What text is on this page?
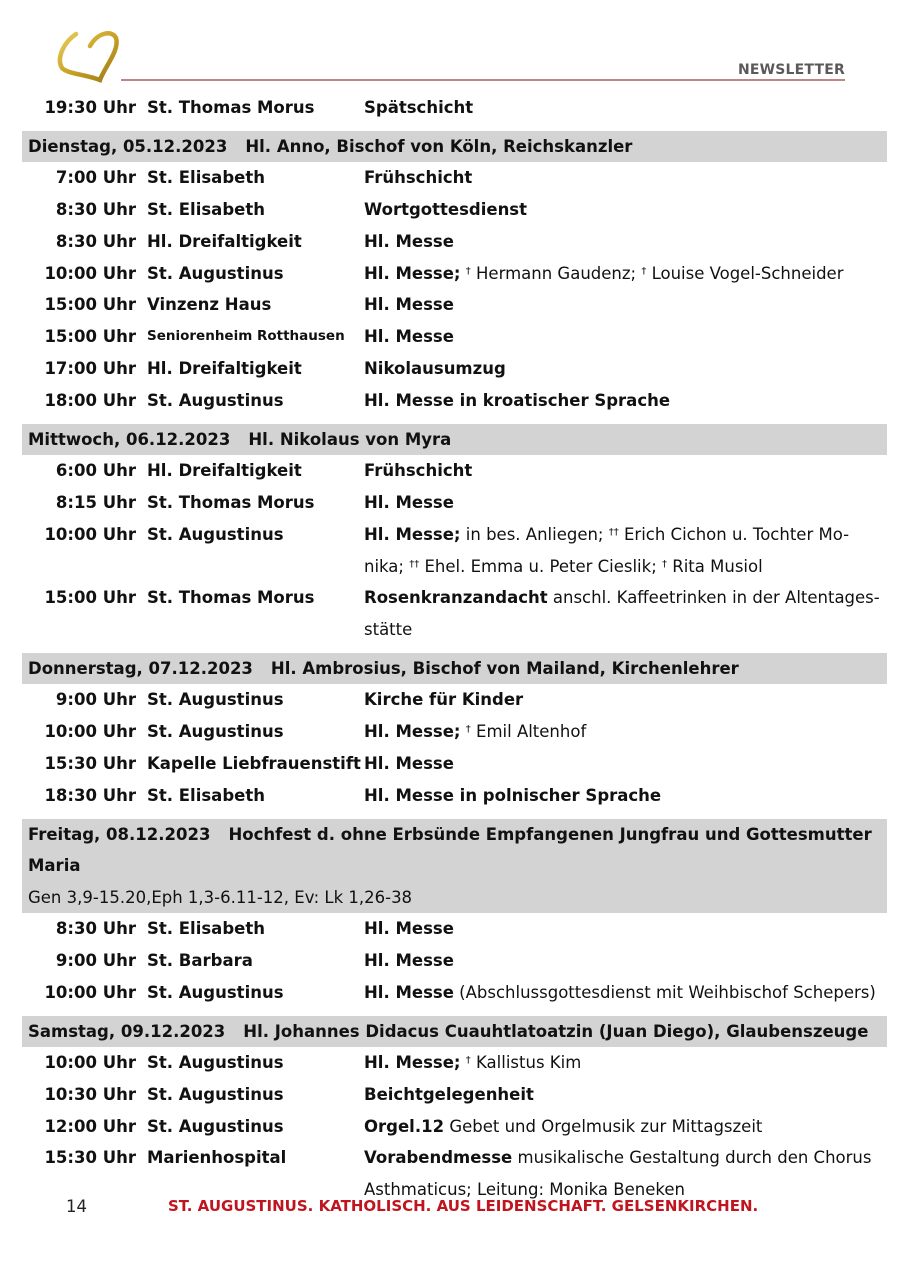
NEWSLETTER
19:30 Uhr St. Thomas Morus	Spätschicht
Dienstag, 05.12.2023 Hl. Anno, Bischof von Köln, Reichskanzler
7:00 Uhr St. Elisabeth	Frühschicht
8:30 Uhr St. Elisabeth	Wortgottesdienst
8:30 Uhr Hl. Dreifaltigkeit	Hl. Messe
10:00 Uhr St. Augustinus	Hl. Messe; † Hermann Gaudenz; † Louise Vogel-Schneider
15:00 Uhr Vinzenz Haus	Hl. Messe
15:00 Uhr Seniorenheim Rotthausen	Hl. Messe
17:00 Uhr Hl. Dreifaltigkeit	Nikolausumzug
18:00 Uhr St. Augustinus	Hl. Messe in kroatischer Sprache
Mittwoch, 06.12.2023 Hl. Nikolaus von Myra
6:00 Uhr Hl. Dreifaltigkeit	Frühschicht
8:15 Uhr St. Thomas Morus	Hl. Messe
10:00 Uhr St. Augustinus	Hl. Messe; in bes. Anliegen; †† Erich Cichon u. Tochter Mo-nika; †† Ehel. Emma u. Peter Cieslik; † Rita Musiol
15:00 Uhr St. Thomas Morus	Rosenkranzandacht anschl. Kaffeetrinken in der Altentages-stätte
Donnerstag, 07.12.2023 Hl. Ambrosius, Bischof von Mailand, Kirchenlehrer
9:00 Uhr St. Augustinus	Kirche für Kinder
10:00 Uhr St. Augustinus	Hl. Messe; † Emil Altenhof
15:30 Uhr Kapelle Liebfrauenstift Hl. Messe
18:30 Uhr St. Elisabeth	Hl. Messe in polnischer Sprache
Freitag, 08.12.2023 Hochfest d. ohne Erbsünde Empfangenen Jungfrau und Gottesmutter Maria
Gen 3,9-15.20,Eph 1,3-6.11-12, Ev: Lk 1,26-38
8:30 Uhr St. Elisabeth	Hl. Messe
9:00 Uhr St. Barbara	Hl. Messe
10:00 Uhr St. Augustinus	Hl. Messe (Abschlussgottesdienst mit Weihbischof Schepers)
Samstag, 09.12.2023 Hl. Johannes Didacus Cuauhtlatoatzin (Juan Diego), Glaubenszeuge
10:00 Uhr St. Augustinus	Hl. Messe; † Kallistus Kim
10:30 Uhr St. Augustinus	Beichtgelegenheit
12:00 Uhr St. Augustinus	Orgel.12 Gebet und Orgelmusik zur Mittagszeit
15:30 Uhr Marienhospital	Vorabendmesse musikalische Gestaltung durch den Chorus Asthmaticus; Leitung: Monika Beneken
14	ST. AUGUSTINUS. KATHOLISCH. AUS LEIDENSCHAFT. GELSENKIRCHEN.
